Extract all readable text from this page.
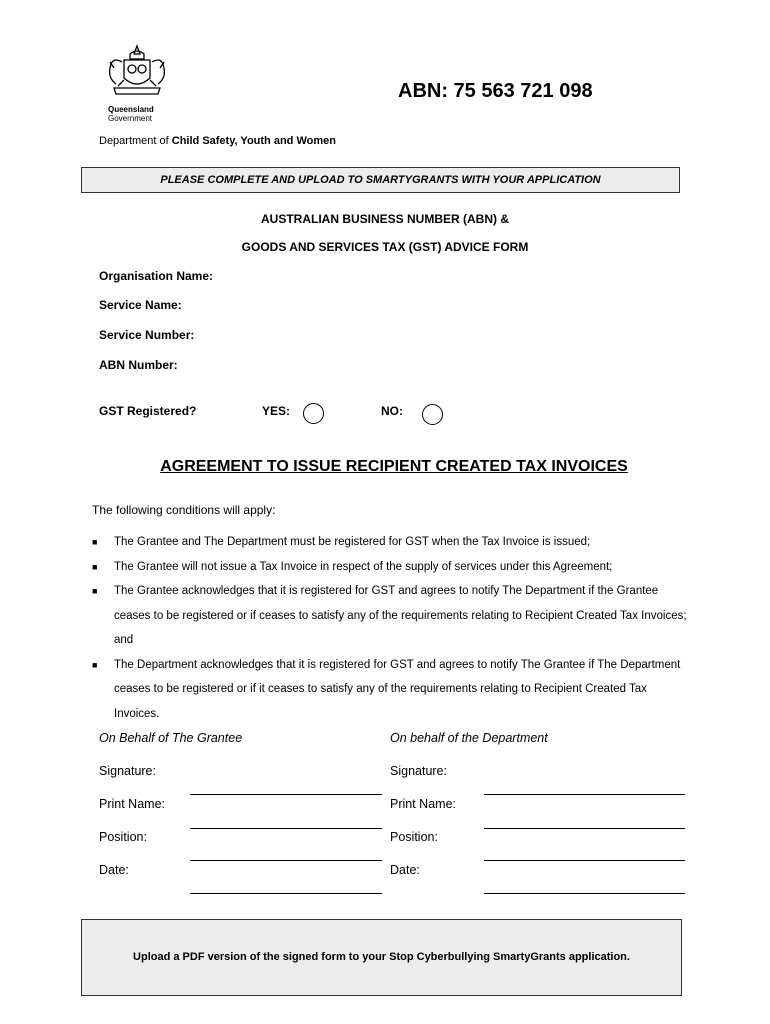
Queensland
Government
ABN: 75 563 721 098
Department of Child Safety, Youth and Women
PLEASE COMPLETE AND UPLOAD TO SMARTYGRANTS WITH YOUR APPLICATION
AUSTRALIAN BUSINESS NUMBER (ABN) &
GOODS AND SERVICES TAX (GST) ADVICE FORM
Organisation Name:
Service Name:
Service Number:
ABN Number:
GST Registered?	YES:	NO:
AGREEMENT TO ISSUE RECIPIENT CREATED TAX INVOICES
The following conditions will apply:
■	The Grantee and The Department must be registered for GST when the Tax Invoice is issued;
■	The Grantee will not issue a Tax Invoice in respect of the supply of services under this Agreement;
■	The Grantee acknowledges that it is registered for GST and agrees to notify The Department if the Grantee ceases to be registered or if ceases to satisfy any of the requirements relating to Recipient Created Tax Invoices; and
■	The Department acknowledges that it is registered for GST and agrees to notify The Grantee if The Department ceases to be registered or if it ceases to satisfy any of the requirements relating to Recipient Created Tax Invoices.
On Behalf of The Grantee
Signature:
Print Name:
Position:
Date:
On behalf of the Department
Signature:
Print Name:
Position:
Date:
Upload a PDF version of the signed form to your Stop Cyberbullying SmartyGrants application.
